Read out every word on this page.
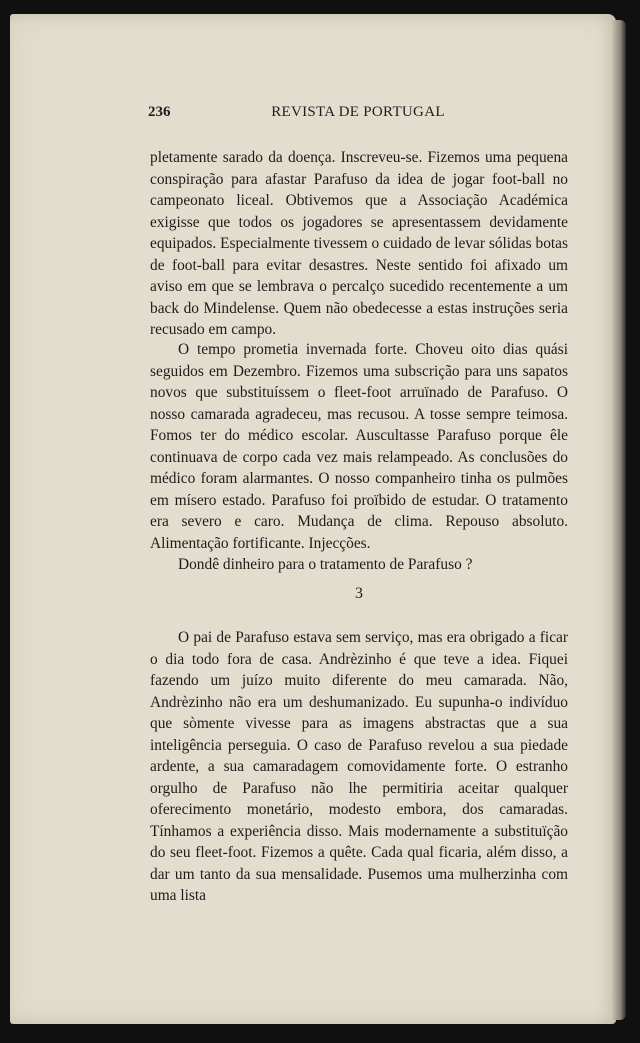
236	REVISTA DE PORTUGAL

pletamente sarado da doença. Inscreveu-se. Fizemos uma pequena conspiração para afastar Parafuso da idea de jogar foot-ball no campeonato liceal. Obtivemos que a Associação Académica exigisse que todos os jogadores se apresentassem devidamente equipados. Especialmente tivessem o cuidado de levar sólidas botas de foot-ball para evitar desastres. Neste sentido foi afixado um aviso em que se lembrava o percalço sucedido recentemente a um back do Mindelense. Quem não obedecesse a estas instruções seria recusado em campo.

O tempo prometia invernada forte. Choveu oito dias quási seguidos em Dezembro. Fizemos uma subscrição para uns sapatos novos que substituíssem o fleet-foot arruïnado de Parafuso. O nosso camarada agradeceu, mas recusou. A tosse sempre teimosa. Fomos ter do médico escolar. Auscultasse Parafuso porque êle continuava de corpo cada vez mais relampeado. As conclusões do médico foram alarmantes. O nosso companheiro tinha os pulmões em mísero estado. Parafuso foi proïbido de estudar. O tratamento era severo e caro. Mudança de clima. Repouso absoluto. Alimentação fortificante. Injecções.

Dondê dinheiro para o tratamento de Parafuso ?

3

O pai de Parafuso estava sem serviço, mas era obrigado a ficar o dia todo fora de casa. Andrèzinho é que teve a idea. Fiquei fazendo um juízo muito diferente do meu camarada. Não, Andrèzinho não era um deshumanizado. Eu supunha-o indivíduo que sòmente vivesse para as imagens abstractas que a sua inteligência perseguia. O caso de Parafuso revelou a sua piedade ardente, a sua camaradagem comovidamente forte. O estranho orgulho de Parafuso não lhe permitiria aceitar qualquer oferecimento monetário, modesto embora, dos camaradas. Tínhamos a experiência disso. Mais modernamente a substituïção do seu fleet-foot. Fizemos a quête. Cada qual ficaria, além disso, a dar um tanto da sua mensalidade. Pusemos uma mulherzinha com uma lista
